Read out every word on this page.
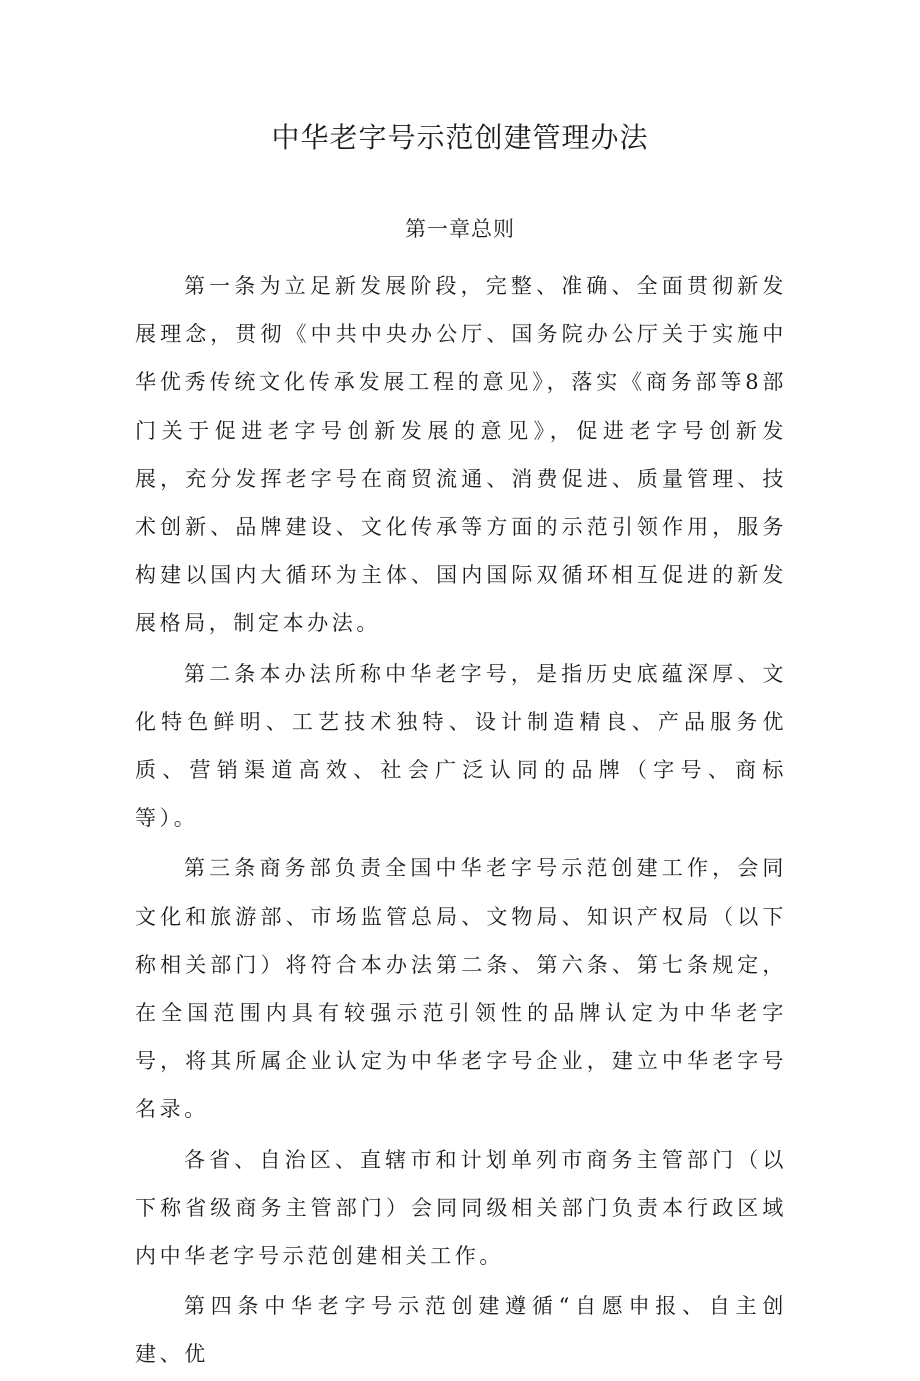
中华老字号示范创建管理办法
第一章总则

第一条为立足新发展阶段，完整、准确、全面贯彻新发展理念，贯彻《中共中央办公厅、国务院办公厅关于实施中华优秀传统文化传承发展工程的意见》，落实《商务部等8部门关于促进老字号创新发展的意见》，促进老字号创新发展，充分发挥老字号在商贸流通、消费促进、质量管理、技术创新、品牌建设、文化传承等方面的示范引领作用，服务构建以国内大循环为主体、国内国际双循环相互促进的新发展格局，制定本办法。

第二条本办法所称中华老字号，是指历史底蕴深厚、文化特色鲜明、工艺技术独特、设计制造精良、产品服务优质、营销渠道高效、社会广泛认同的品牌（字号、商标等）。

第三条商务部负责全国中华老字号示范创建工作，会同文化和旅游部、市场监管总局、文物局、知识产权局（以下称相关部门）将符合本办法第二条、第六条、第七条规定，在全国范围内具有较强示范引领性的品牌认定为中华老字号，将其所属企业认定为中华老字号企业，建立中华老字号名录。

各省、自治区、直辖市和计划单列市商务主管部门（以下称省级商务主管部门）会同同级相关部门负责本行政区域内中华老字号示范创建相关工作。

第四条中华老字号示范创建遵循“自愿申报、自主创建、优
